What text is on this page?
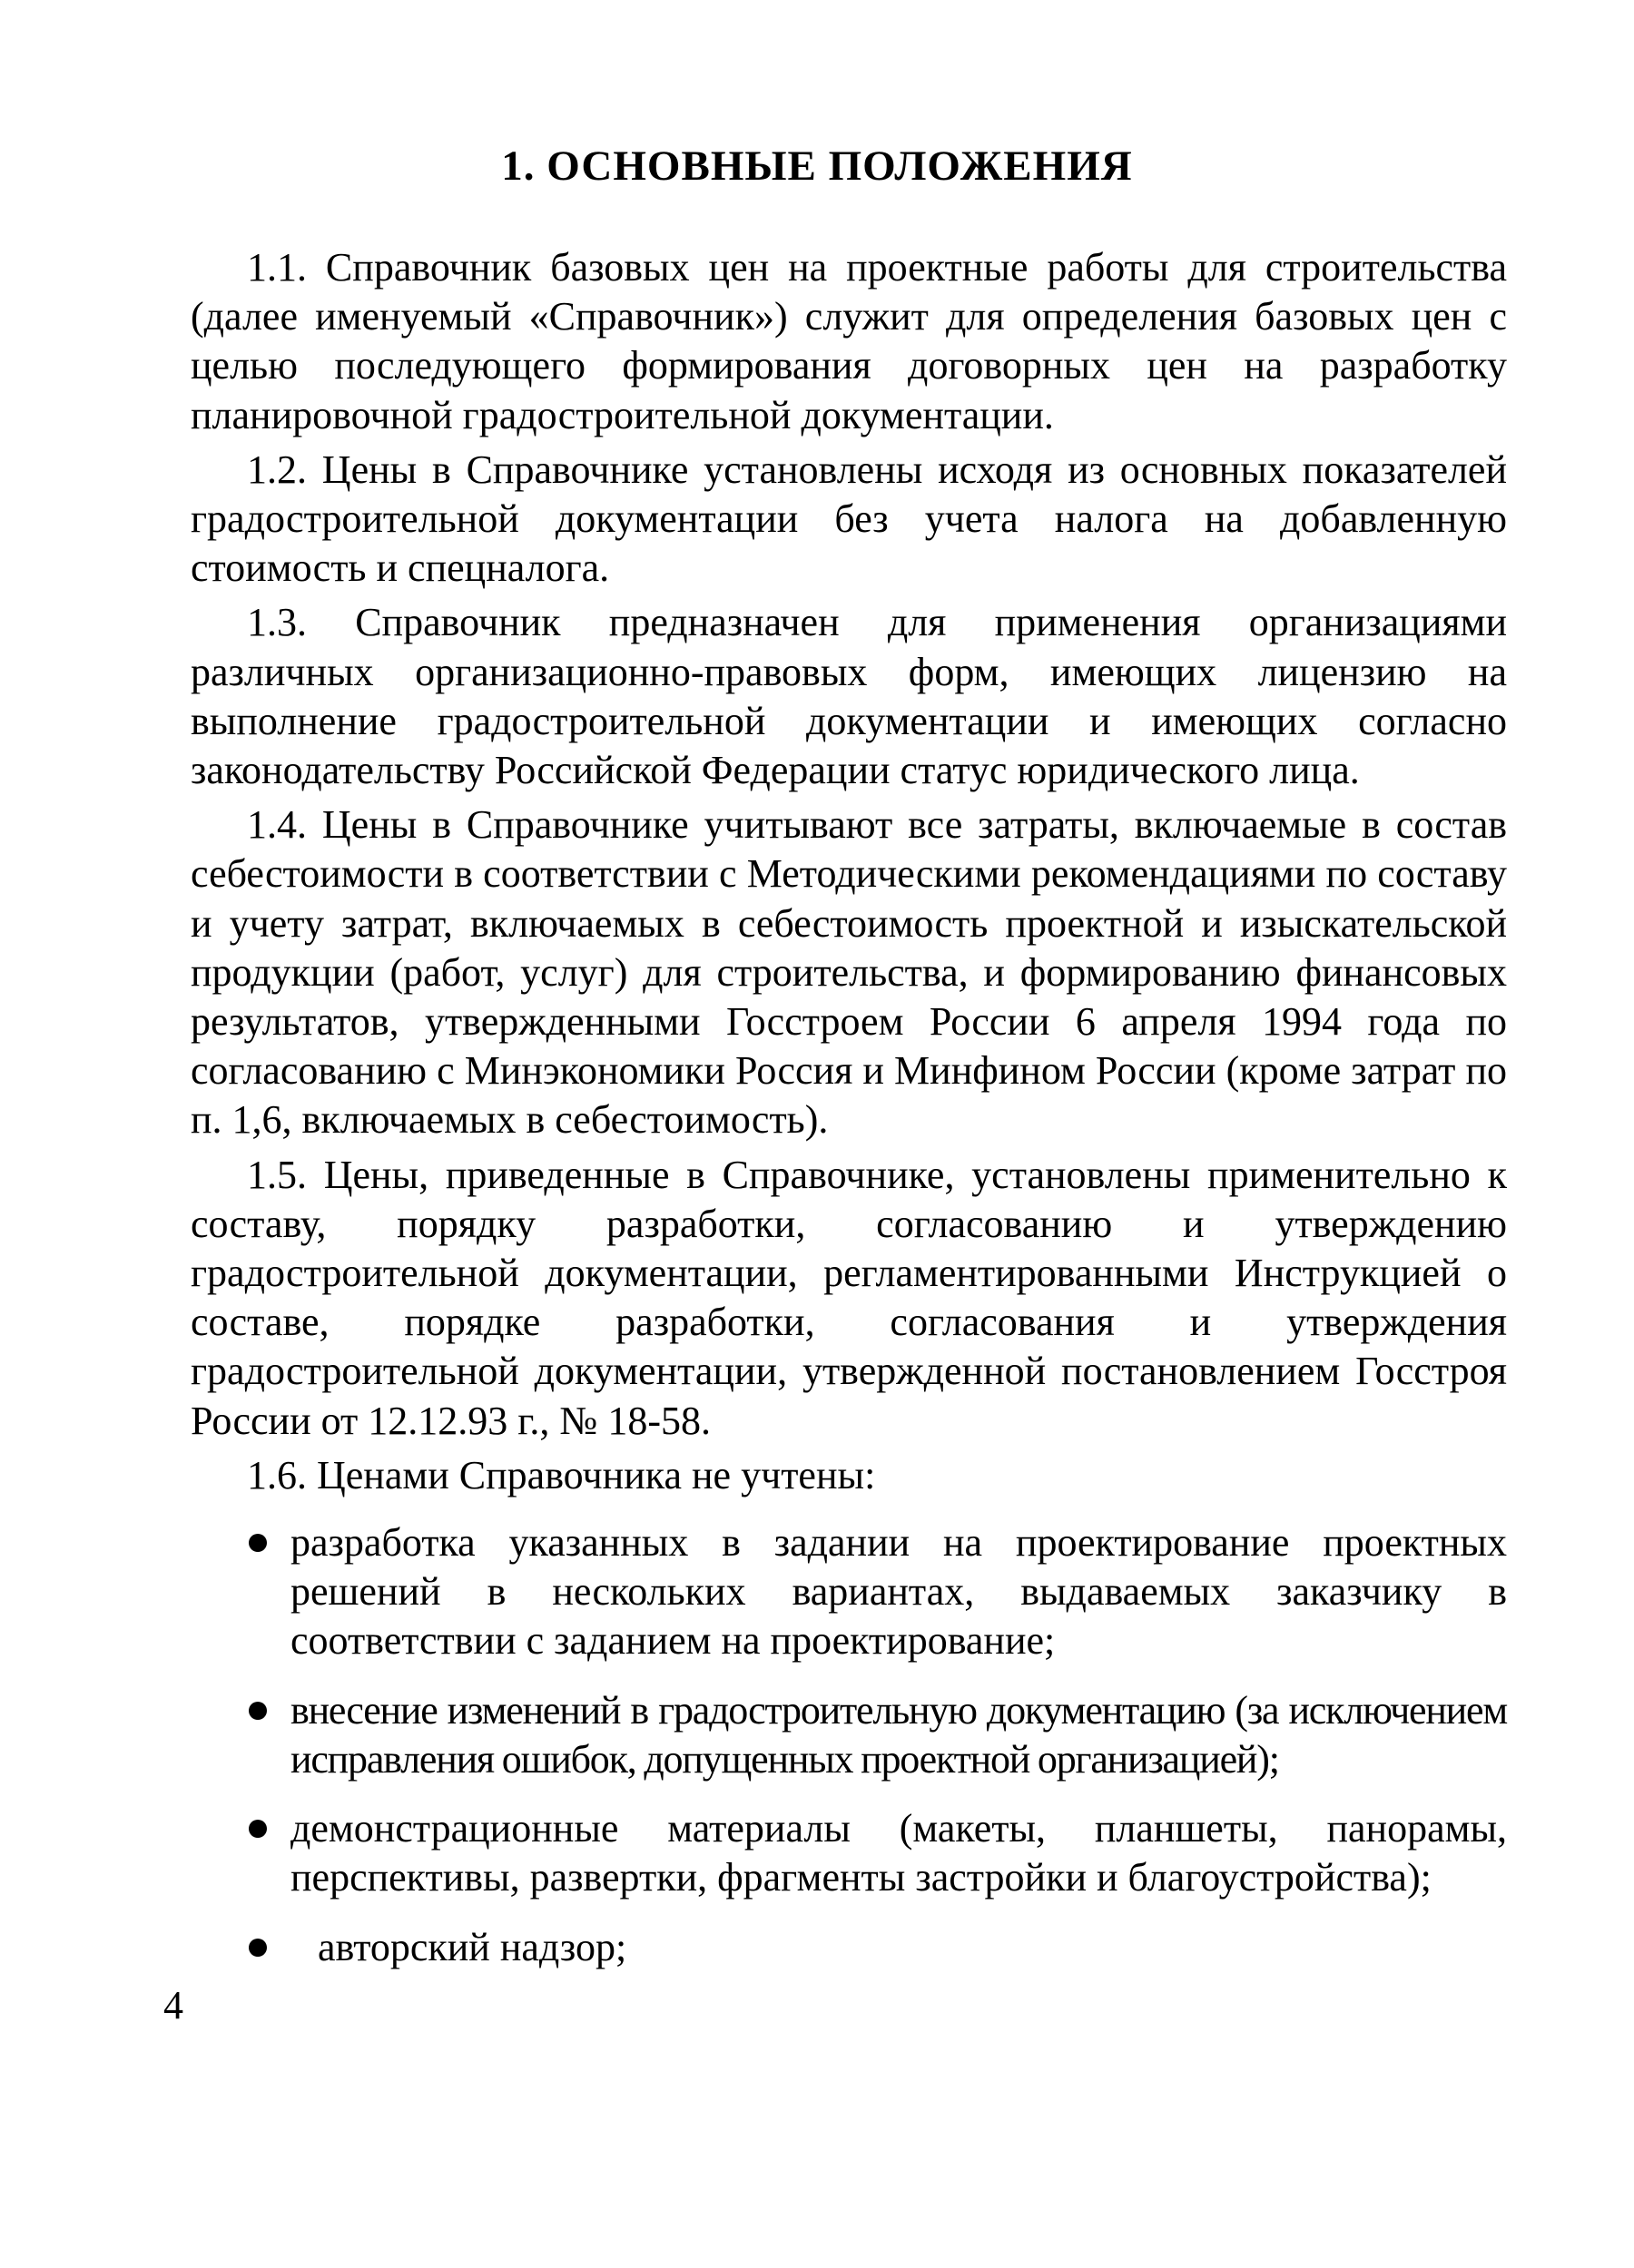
1. ОСНОВНЫЕ ПОЛОЖЕНИЯ

1.1. Справочник базовых цен на проектные работы для строительства (далее именуемый «Справочник») служит для определения базовых цен с целью последующего формирования договорных цен на разработку планировочной градостроительной документации.

1.2. Цены в Справочнике установлены исходя из основных показателей градостроительной документации без учета налога на добавленную стоимость и спецналога.

1.3. Справочник предназначен для применения организациями различных организационно-правовых форм, имеющих лицензию на выполнение градостроительной документации и имеющих согласно законодательству Российской Федерации статус юридического лица.

1.4. Цены в Справочнике учитывают все затраты, включаемые в состав себестоимости в соответствии с Методическими рекомендациями по составу и учету затрат, включаемых в себестоимость проектной и изыскательской продукции (работ, услуг) для строительства, и формированию финансовых результатов, утвержденными Госстроем России 6 апреля 1994 года по согласованию с Минэкономики Россия и Минфином России (кроме затрат по п. 1,6, включаемых в себестоимость).

1.5. Цены, приведенные в Справочнике, установлены применительно к составу, порядку разработки, согласованию и утверждению градостроительной документации, регламентированными Инструкцией о составе, порядке разработки, согласования и утверждения градостроительной документации, утвержденной постановлением Госстроя России от 12.12.93 г., № 18-58.

1.6. Ценами Справочника не учтены:

разработка указанных в задании на проектирование проектных решений в нескольких вариантах, выдаваемых заказчику в соответствии с заданием на проектирование;
внесение изменений в градостроительную документацию (за исключением исправления ошибок, допущенных проектной организацией);
демонстрационные материалы (макеты, планшеты, панорамы, перспективы, развертки, фрагменты застройки и благоустройства);
авторский надзор;
4
